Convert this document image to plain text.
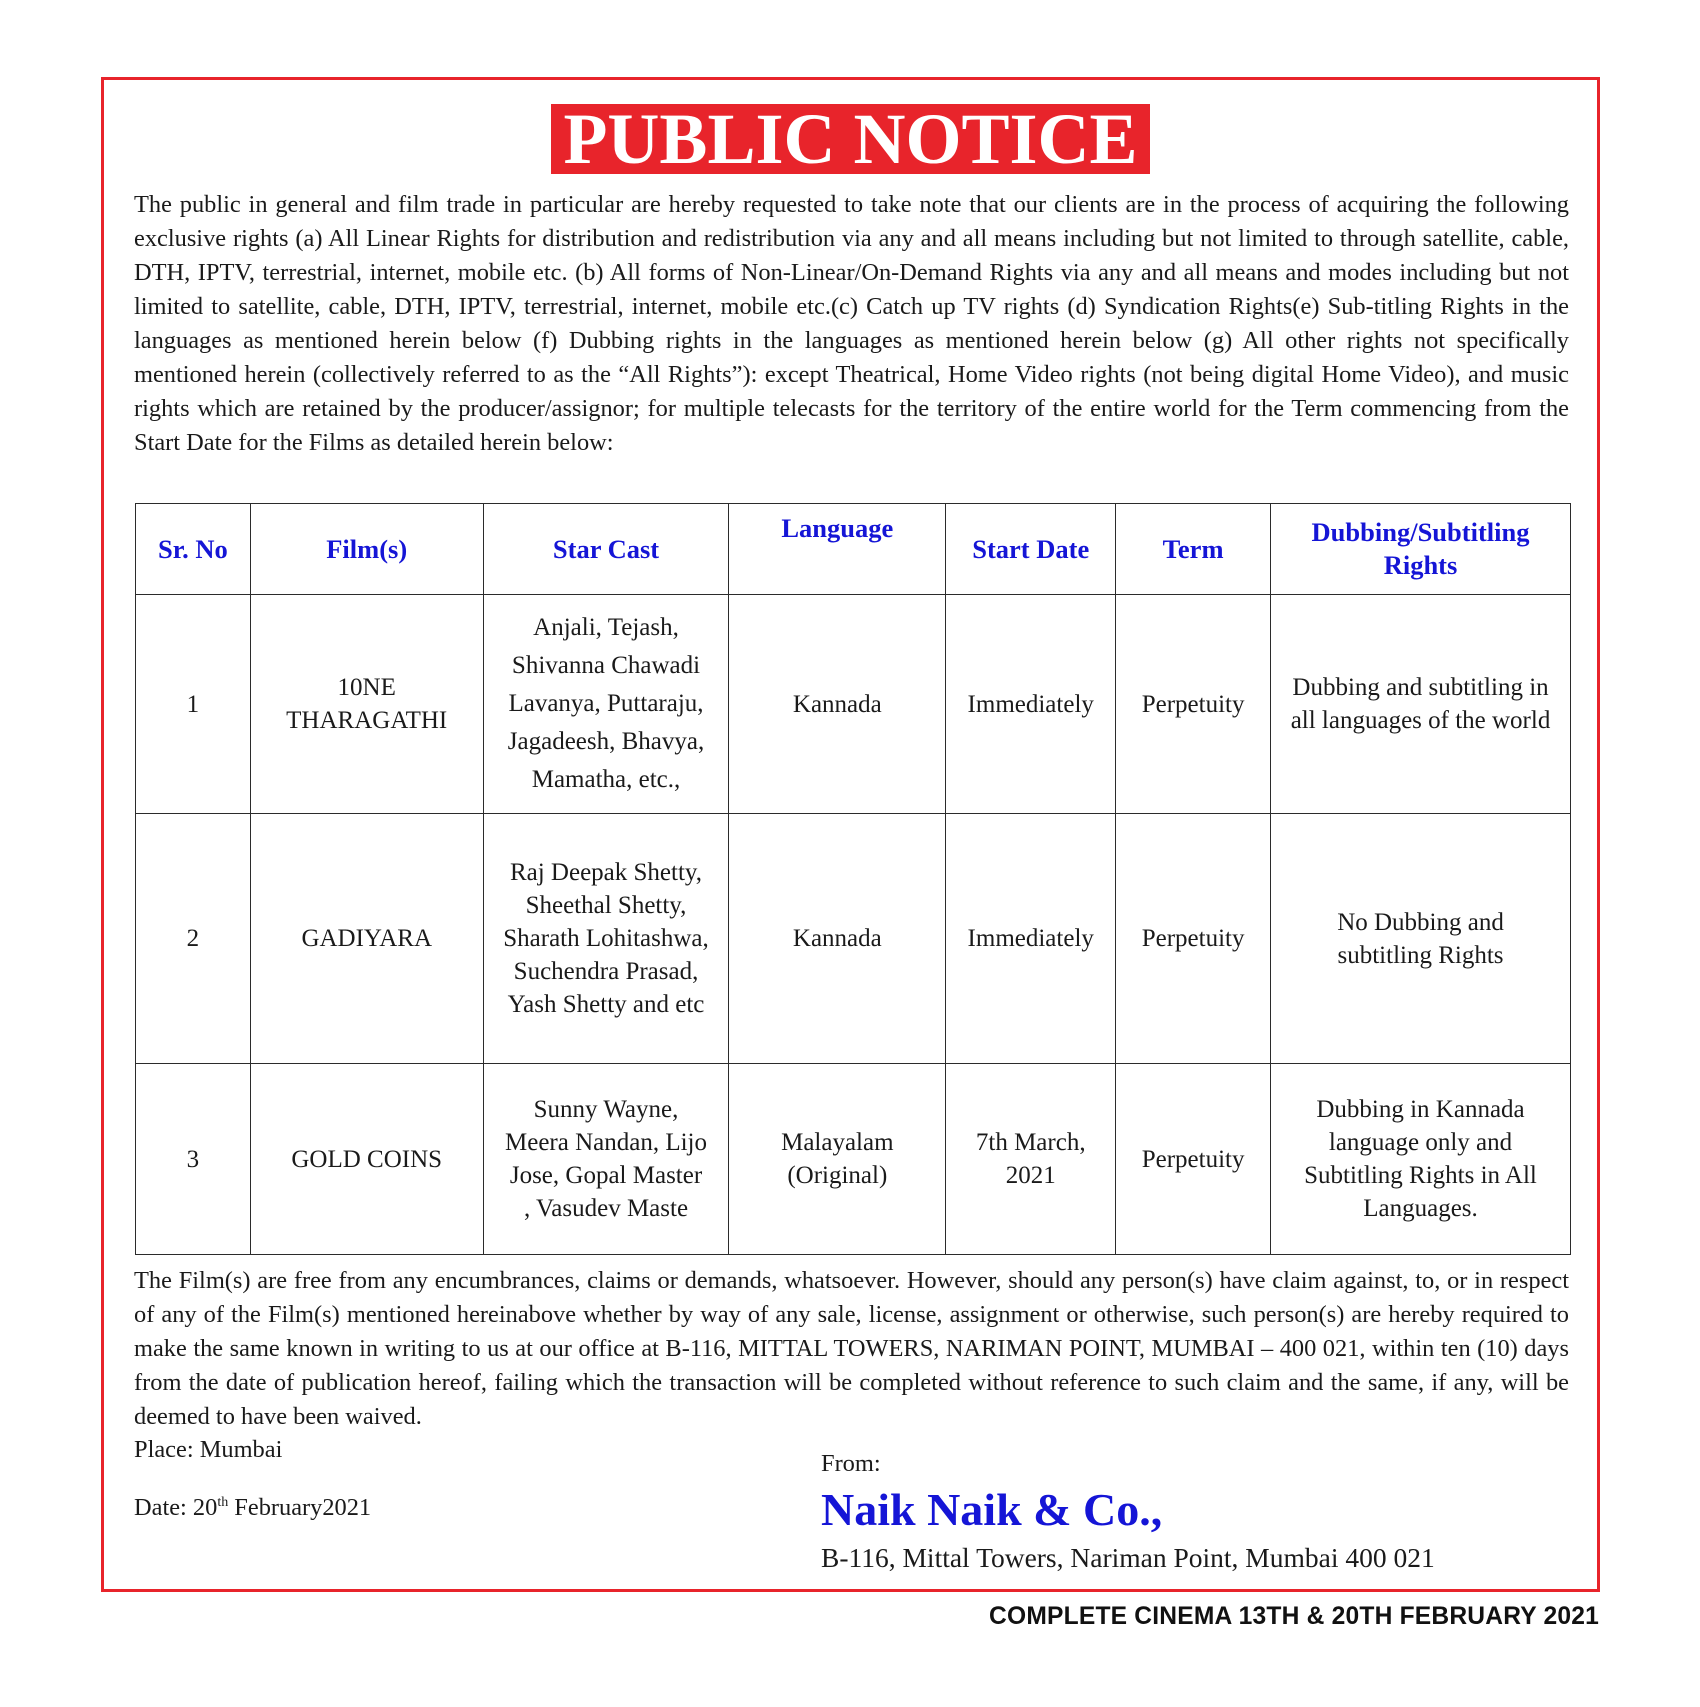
PUBLIC NOTICE

The public in general and film trade in particular are hereby requested to take note that our clients are in the process of acquiring the following exclusive rights (a) All Linear Rights for distribution and redistribution via any and all means including but not limited to through satellite, cable, DTH, IPTV, terrestrial, internet, mobile etc. (b) All forms of Non-Linear/On-Demand Rights via any and all means and modes including but not limited to satellite, cable, DTH, IPTV, terrestrial, internet, mobile etc.(c) Catch up TV rights (d) Syndication Rights(e) Sub-titling Rights in the languages as mentioned herein below (f) Dubbing rights in the languages as mentioned herein below (g) All other rights not specifically mentioned herein (collectively referred to as the “All Rights”): except Theatrical, Home Video rights (not being digital Home Video), and music rights which are retained by the producer/assignor; for multiple telecasts for the territory of the entire world for the Term commencing from the Start Date for the Films as detailed herein below:

Sr. No	Film(s)	Star Cast	Language	Start Date	Term	Dubbing/Subtitling Rights
1	10NE THARAGATHI	Anjali, Tejash, Shivanna Chawadi Lavanya, Puttaraju, Jagadeesh, Bhavya, Mamatha, etc.,	Kannada	Immediately	Perpetuity	Dubbing and subtitling in all languages of the world
2	GADIYARA	Raj Deepak Shetty, Sheethal Shetty, Sharath Lohitashwa, Suchendra Prasad, Yash Shetty and etc	Kannada	Immediately	Perpetuity	No Dubbing and subtitling Rights
3	GOLD COINS	Sunny Wayne, Meera Nandan, Lijo Jose, Gopal Master , Vasudev Maste	Malayalam (Original)	7th March, 2021	Perpetuity	Dubbing in Kannada language only and Subtitling Rights in All Languages.

The Film(s) are free from any encumbrances, claims or demands, whatsoever. However, should any person(s) have claim against, to, or in respect of any of the Film(s) mentioned hereinabove whether by way of any sale, license, assignment or otherwise, such person(s) are hereby required to make the same known in writing to us at our office at B-116, MITTAL TOWERS, NARIMAN POINT, MUMBAI – 400 021, within ten (10) days from the date of publication hereof, failing which the transaction will be completed without reference to such claim and the same, if any, will be deemed to have been waived.

Place: Mumbai
Date: 20th February2021
From:
Naik Naik & Co.,
B-116, Mittal Towers, Nariman Point, Mumbai 400 021
COMPLETE CINEMA 13TH & 20TH FEBRUARY 2021
